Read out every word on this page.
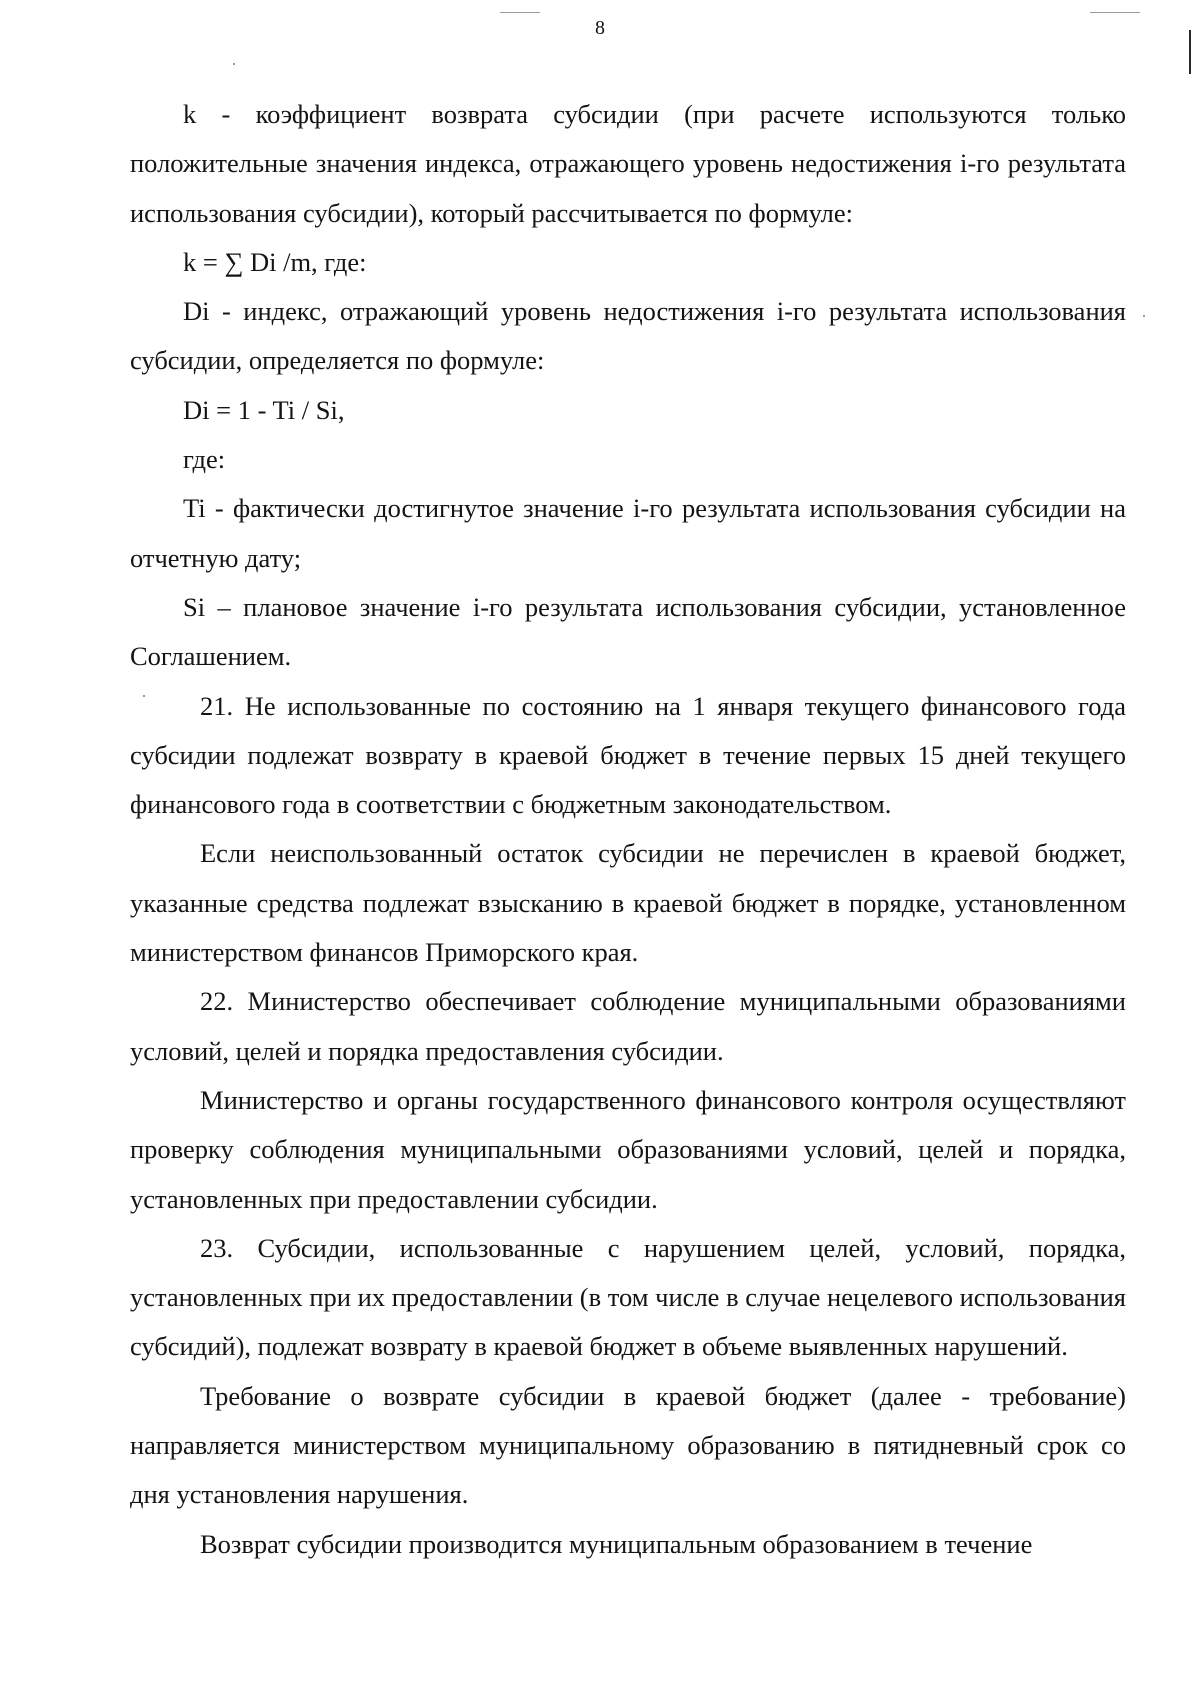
8

k - коэффициент возврата субсидии (при расчете используются только положительные значения индекса, отражающего уровень недостижения i-го результата использования субсидии), который рассчитывается по формуле:

k = ∑ Di /m, где:

Di - индекс, отражающий уровень недостижения i-го результата использования субсидии, определяется по формуле:

Di = 1 - Ti / Si,

где:

Ti - фактически достигнутое значение i-го результата использования субсидии на отчетную дату;

Si – плановое значение i-го результата использования субсидии, установленное Соглашением.

21. Не использованные по состоянию на 1 января текущего финансового года субсидии подлежат возврату в краевой бюджет в течение первых 15 дней текущего финансового года в соответствии с бюджетным законодательством.

Если неиспользованный остаток субсидии не перечислен в краевой бюджет, указанные средства подлежат взысканию в краевой бюджет в порядке, установленном министерством финансов Приморского края.

22. Министерство обеспечивает соблюдение муниципальными образованиями условий, целей и порядка предоставления субсидии.

Министерство и органы государственного финансового контроля осуществляют проверку соблюдения муниципальными образованиями условий, целей и порядка, установленных при предоставлении субсидии.

23. Субсидии, использованные с нарушением целей, условий, порядка, установленных при их предоставлении (в том числе в случае нецелевого использования субсидий), подлежат возврату в краевой бюджет в объеме выявленных нарушений.

Требование о возврате субсидии в краевой бюджет (далее - требование) направляется министерством муниципальному образованию в пятидневный срок со дня установления нарушения.

Возврат субсидии производится муниципальным образованием в течение
